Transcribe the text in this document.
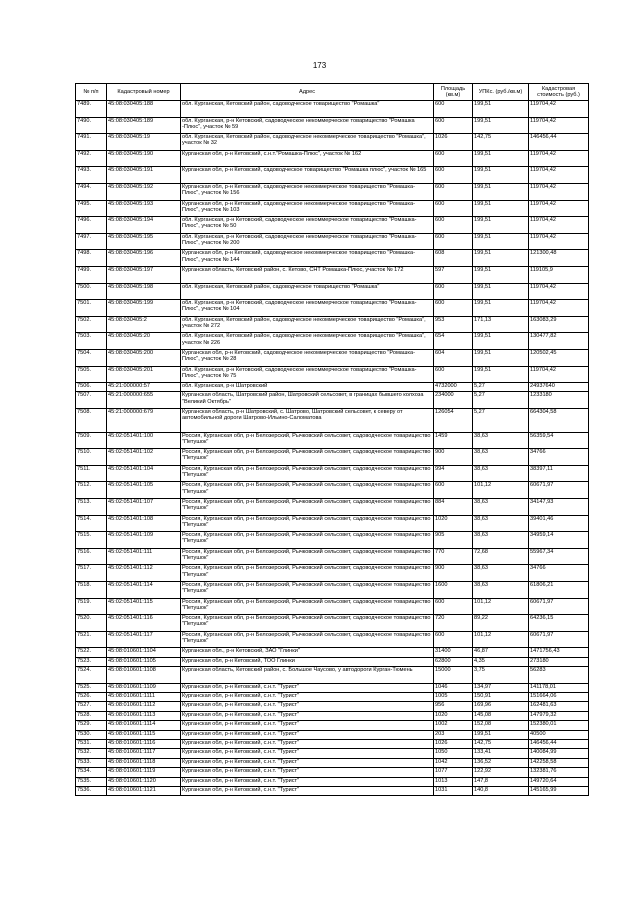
173
№ п/п	Кадастровый номер	Адрес	Площадь (кв.м)	УПКс. (руб./кв.м)	Кадастровая стоимость (руб.)
7489.	45:08:030405:188	обл. Курганская, Кетовский район, садоводческое товарищество "Ромашка"	600	199,51	119704,42
7490.	45:08:030405:189	обл. Курганская, р-н Кетовский, садоводческое некоммерческое товарищество "Ромашка -Плюс", участок № 59	600	199,51	119704,42
7491.	45:08:030405:19	обл. Курганская, Кетовский район, садоводческое некоммерческое товарищество "Ромашка", участок № 32	1026	142,75	146456,44
7492.	45:08:030405:190	Курганская обл, р-н Кетовский, с.н.т."Ромашка-Плюс", участок № 162	600	199,51	119704,42
7493.	45:08:030405:191	Курганская обл, р-н Кетовский, садоводческое товарищество "Ромашка плюс", участок № 165	600	199,51	119704,42
7494.	45:08:030405:192	Курганская обл, р-н Кетовский, садоводческое некоммерческое товарищество "Ромашка-Плюс", участок № 156	600	199,51	119704,42
7495.	45:08:030405:193	Курганская обл, р-н Кетовский, садоводческое некоммерческое товарищество "Ромашка-Плюс", участок № 103	600	199,51	119704,42
7496.	45:08:030405:194	обл. Курганская, р-н Кетовский, садоводческое некоммерческое товарищество "Ромашка-Плюс", участок № 50	600	199,51	119704,42
7497.	45:08:030405:195	обл. Курганская, р-н Кетовский, садоводческое некоммерческое товарищество "Ромашка-Плюс", участок № 200	600	199,51	119704,42
7498.	45:08:030405:196	Курганская обл, р-н Кетовский, садоводческое некоммерческое товарищество "Ромашка-Плюс", участок № 144	608	199,51	121300,48
7499.	45:08:030405:197	Курганская область, Кетовский район, с. Кетово, СНТ Ромашка-Плюс, участок № 172	597	199,51	119105,9
7500.	45:08:030405:198	обл. Курганская, Кетовский район, садоводческое товарищество "Ромашка"	600	199,51	119704,42
7501.	45:08:030405:199	обл. Курганская, р-н Кетовский, садоводческое некоммерческое товарищество "Ромашка-Плюс", участок № 104	600	199,51	119704,42
7502.	45:08:030405:2	обл. Курганская, Кетовский район, садоводческое некоммерческое товарищество "Ромашка", участок № 272	953	171,13	163083,29
7503.	45:08:030405:20	обл. Курганская, Кетовский район, садоводческое некоммерческое товарищество "Ромашка", участок № 226	654	199,51	130477,82
7504.	45:08:030405:200	Курганская обл, р-н Кетовский, садоводческое некоммерческое товарищество "Ромашка-Плюс", участок № 28	604	199,51	120502,45
7505.	45:08:030405:201	обл. Курганская, р-н Кетовский, садоводческое некоммерческое товарищество "Ромашка-Плюс", участок № 75	600	199,51	119704,42
7506.	45:21:000000:57	обл. Курганская, р-н Шатровский	4732000	5,27	24937640
7507.	45:21:000000:655	Курганская область, Шатровский район, Шатровский сельсовет, в границах бывшего колхоза "Великий Октябрь"	234000	5,27	1233180
7508.	45:21:000000:679	Курганская область, р-н Шатровский, с. Шатрово, Шатровский сельсовет, к северу от автомобильной дороги Шатрово-Ильино-Саломатова	126054	5,27	664304,58
7509.	45:02:051401:100	Россия, Курганская обл, р-н Белозерский, Рычковский сельсовет, садоводческое товарищество "Петушок"	1459	38,63	56359,54
7510.	45:02:051401:102	Россия, Курганская обл, р-н Белозерский, Рычковский сельсовет, садоводческое товарищество "Петушок"	900	38,63	34766
7511.	45:02:051401:104	Россия, Курганская обл, р-н Белозерский, Рычковский сельсовет, садоводческое товарищество "Петушок"	994	38,63	38397,11
7512.	45:02:051401:105	Россия, Курганская обл, р-н Белозерский, Рычковский сельсовет, садоводческое товарищество "Петушок"	600	101,12	60671,97
7513.	45:02:051401:107	Россия, Курганская обл, р-н Белозерский, Рычковский сельсовет, садоводческое товарищество "Петушок"	884	38,63	34147,93
7514.	45:02:051401:108	Россия, Курганская обл, р-н Белозерский, Рычковский сельсовет, садоводческое товарищество "Петушок"	1020	38,63	39401,46
7515.	45:02:051401:109	Россия, Курганская обл, р-н Белозерский, Рычковский сельсовет, садоводческое товарищество "Петушок"	905	38,63	34959,14
7516.	45:02:051401:111	Россия, Курганская обл, р-н Белозерский, Рычковский сельсовет, садоводческое товарищество "Петушок"	770	72,68	55967,34
7517.	45:02:051401:112	Россия, Курганская обл, р-н Белозерский, Рычковский сельсовет, садоводческое товарищество "Петушок"	900	38,63	34766
7518.	45:02:051401:114	Россия, Курганская обл, р-н Белозерский, Рычковский сельсовет, садоводческое товарищество "Петушок"	1600	38,63	61806,21
7519.	45:02:051401:115	Россия, Курганская обл, р-н Белозерский, Рычковский сельсовет, садоводческое товарищество "Петушок"	600	101,12	60671,97
7520.	45:02:051401:116	Россия, Курганская обл, р-н Белозерский, Рычковский сельсовет, садоводческое товарищество "Петушок"	720	89,22	64236,15
7521.	45:02:051401:117	Россия, Курганская обл, р-н Белозерский, Рычковский сельсовет, садоводческое товарищество "Петушок"	600	101,12	60671,97
7522.	45:08:010601:1104	Курганская обл., р-н Кетовский, ЗАО "Глинки"	31400	46,87	1471756,43
7523.	45:08:010601:1105	Курганская обл, р-н Кетовский, ТОО Глинки	62800	4,35	273180
7524.	45:08:010601:1108	Курганская область, Кетовский район, с. Большое Чаусово, у автодороги Курган-Тюмень	15000	3,75	56283
7525.	45:08:010601:1109	Курганская обл, р-н Кетовский, с.н.т. "Турист"	1046	134,97	141178,01
7526.	45:08:010601:1111	Курганская обл, р-н Кетовский, с.н.т. "Турист"	1005	150,91	151664,06
7527.	45:08:010601:1112	Курганская обл, р-н Кетовский, с.н.т. "Турист"	956	169,96	162481,63
7528.	45:08:010601:1113	Курганская обл, р-н Кетовский, с.н.т. "Турист"	1020	145,08	147979,32
7529.	45:08:010601:1114	Курганская обл, р-н Кетовский, с.н.т. "Турист"	1002	152,08	152380,01
7530.	45:08:010601:1115	Курганская обл, р-н Кетовский, с.н.т. "Турист"	203	199,51	40500
7531.	45:08:010601:1116	Курганская обл, р-н Кетовский, с.н.т. "Турист"	1026	142,75	146456,44
7532.	45:08:010601:1117	Курганская обл, р-н Кетовский, с.н.т. "Турист"	1050	133,41	140084,99
7533.	45:08:010601:1118	Курганская обл, р-н Кетовский, с.н.т. "Турист"	1042	136,52	142258,58
7534.	45:08:010601:1119	Курганская обл, р-н Кетовский, с.н.т. "Турист"	1077	122,92	132381,76
7535.	45:08:010601:1120	Курганская обл, р-н Кетовский, с.н.т. "Турист"	1013	147,8	149720,64
7536.	45:08:010601:1121	Курганская обл, р-н Кетовский, с.н.т. "Турист"	1031	140,8	145165,99
